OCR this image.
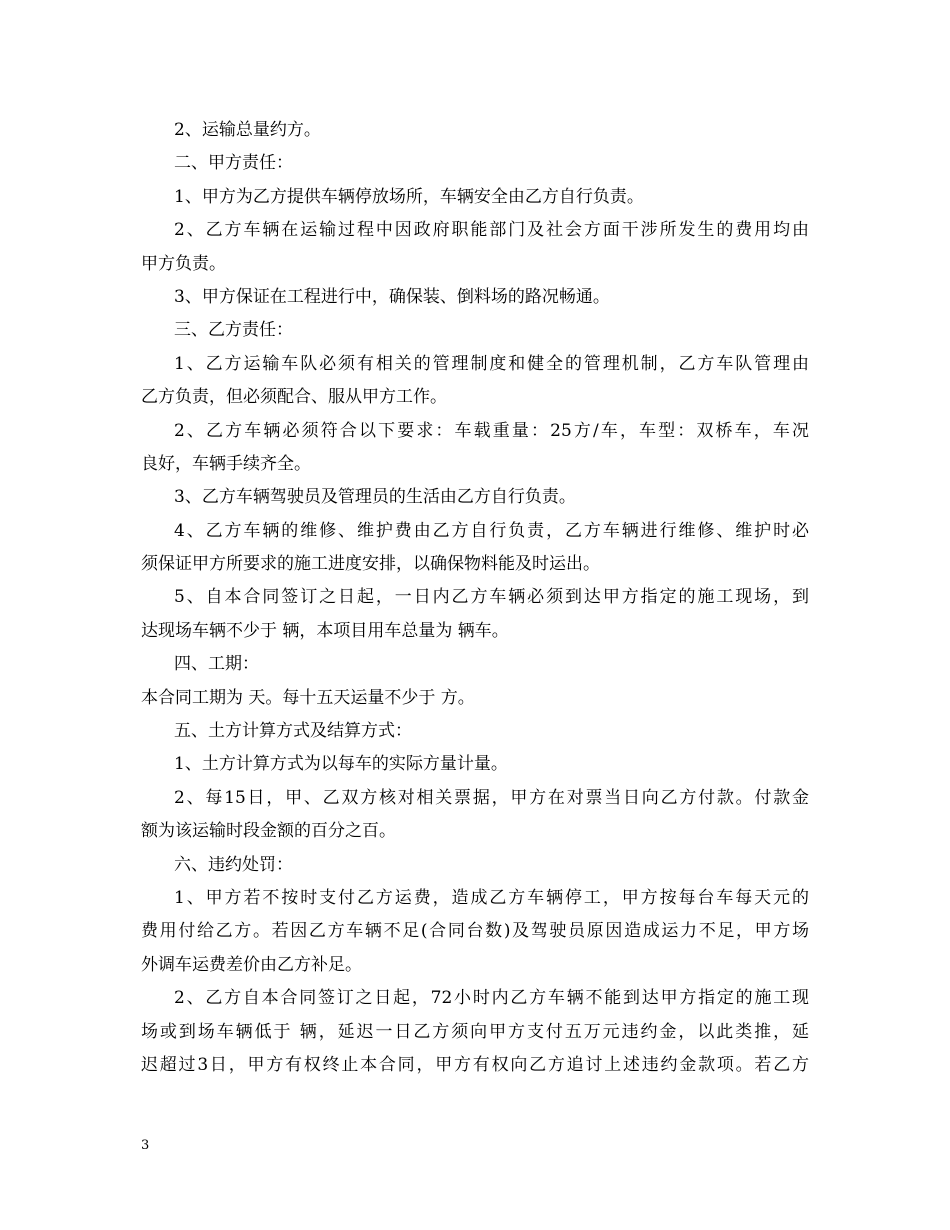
2、运输总量约方。
二、甲方责任：
1、甲方为乙方提供车辆停放场所，车辆安全由乙方自行负责。
2、乙方车辆在运输过程中因政府职能部门及社会方面干涉所发生的费用均由
甲方负责。
3、甲方保证在工程进行中，确保装、倒料场的路况畅通。
三、乙方责任：
1、乙方运输车队必须有相关的管理制度和健全的管理机制，乙方车队管理由
乙方负责，但必须配合、服从甲方工作。
2、乙方车辆必须符合以下要求：车载重量：25方/车，车型：双桥车，车况
良好，车辆手续齐全。
3、乙方车辆驾驶员及管理员的生活由乙方自行负责。
4、乙方车辆的维修、维护费由乙方自行负责，乙方车辆进行维修、维护时必
须保证甲方所要求的施工进度安排，以确保物料能及时运出。
5、自本合同签订之日起，一日内乙方车辆必须到达甲方指定的施工现场，到
达现场车辆不少于 辆，本项目用车总量为 辆车。
四、工期：
本合同工期为 天。每十五天运量不少于 方。
五、土方计算方式及结算方式：
1、土方计算方式为以每车的实际方量计量。
2、每15日，甲、乙双方核对相关票据，甲方在对票当日向乙方付款。付款金
额为该运输时段金额的百分之百。
六、违约处罚：
1、甲方若不按时支付乙方运费，造成乙方车辆停工，甲方按每台车每天元的
费用付给乙方。若因乙方车辆不足(合同台数)及驾驶员原因造成运力不足，甲方场
外调车运费差价由乙方补足。
2、乙方自本合同签订之日起，72小时内乙方车辆不能到达甲方指定的施工现
场或到场车辆低于 辆，延迟一日乙方须向甲方支付五万元违约金，以此类推，延
迟超过3日，甲方有权终止本合同，甲方有权向乙方追讨上述违约金款项。若乙方
3
